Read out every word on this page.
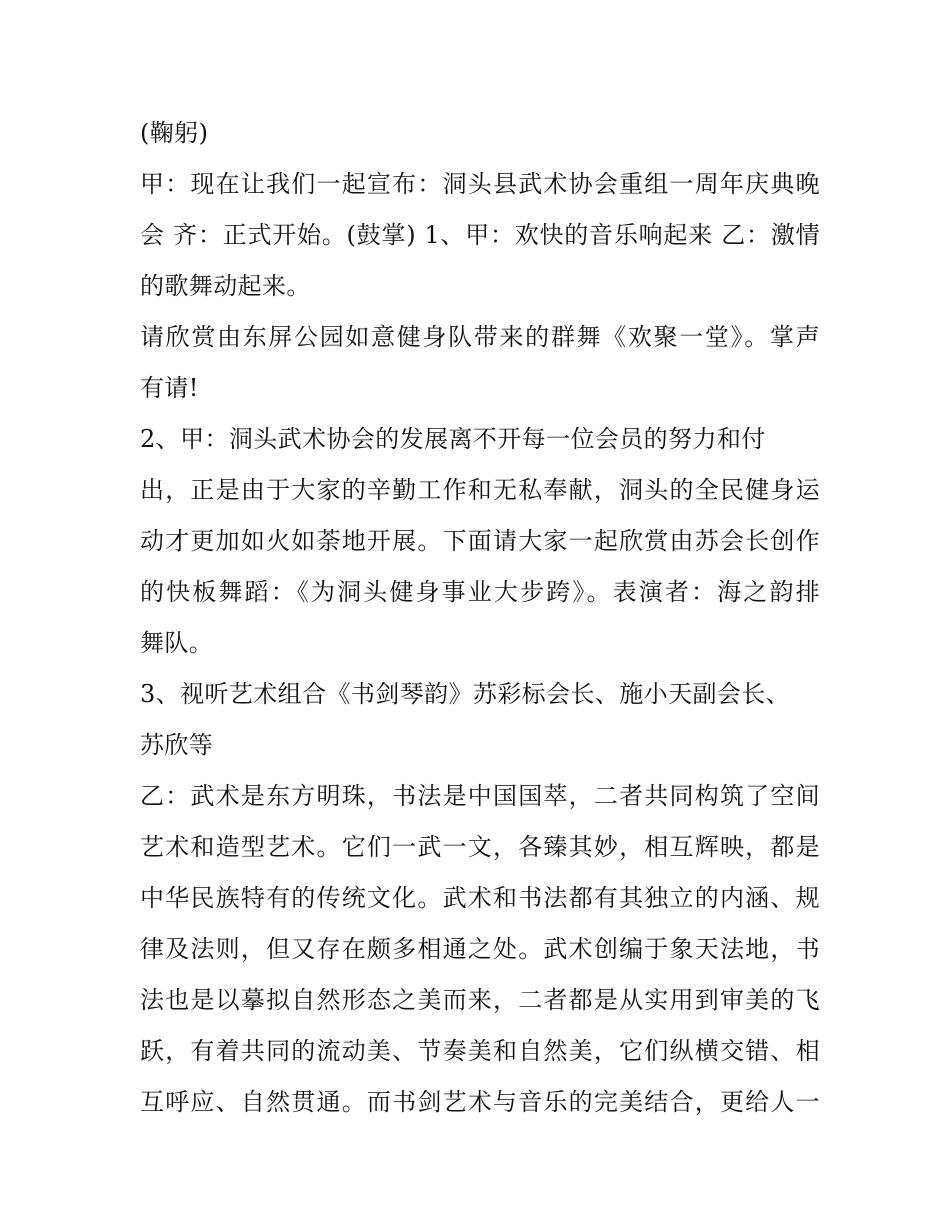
(鞠躬)
甲：现在让我们一起宣布：洞头县武术协会重组一周年庆典晚
会 齐：正式开始。(鼓掌) 1、甲：欢快的音乐响起来 乙：激情
的歌舞动起来。
请欣赏由东屏公园如意健身队带来的群舞《欢聚一堂》。掌声
有请!
2、甲：洞头武术协会的发展离不开每一位会员的努力和付
出，正是由于大家的辛勤工作和无私奉献，洞头的全民健身运
动才更加如火如荼地开展。下面请大家一起欣赏由苏会长创作
的快板舞蹈：《为洞头健身事业大步跨》。表演者：海之韵排
舞队。
3、视听艺术组合《书剑琴韵》苏彩标会长、施小天副会长、
苏欣等
乙：武术是东方明珠，书法是中国国萃，二者共同构筑了空间
艺术和造型艺术。它们一武一文，各臻其妙，相互辉映，都是
中华民族特有的传统文化。武术和书法都有其独立的内涵、规
律及法则，但又存在颇多相通之处。武术创编于象天法地，书
法也是以摹拟自然形态之美而来，二者都是从实用到审美的飞
跃，有着共同的流动美、节奏美和自然美，它们纵横交错、相
互呼应、自然贯通。而书剑艺术与音乐的完美结合，更给人一
